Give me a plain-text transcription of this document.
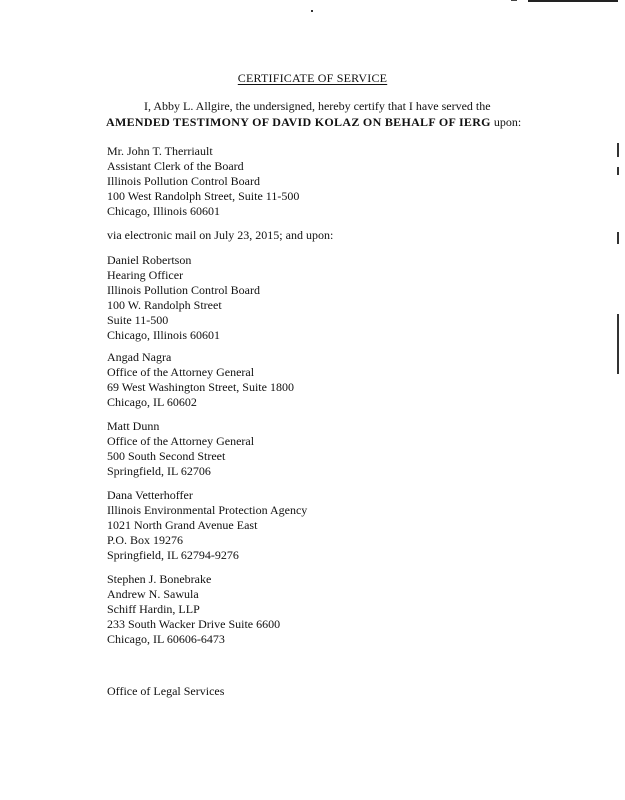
CERTIFICATE OF SERVICE
I, Abby L. Allgire, the undersigned, hereby certify that I have served the
AMENDED TESTIMONY OF DAVID KOLAZ ON BEHALF OF IERG upon:
Mr. John T. Therriault
Assistant Clerk of the Board
Illinois Pollution Control Board
100 West Randolph Street, Suite 11-500
Chicago, Illinois 60601
via electronic mail on July 23, 2015; and upon:
Daniel Robertson
Hearing Officer
Illinois Pollution Control Board
100 W. Randolph Street
Suite 11-500
Chicago, Illinois 60601
Angad Nagra
Office of the Attorney General
69 West Washington Street, Suite 1800
Chicago, IL 60602
Matt Dunn
Office of the Attorney General
500 South Second Street
Springfield, IL 62706
Dana Vetterhoffer
Illinois Environmental Protection Agency
1021 North Grand Avenue East
P.O. Box 19276
Springfield, IL 62794-9276
Stephen J. Bonebrake
Andrew N. Sawula
Schiff Hardin, LLP
233 South Wacker Drive Suite 6600
Chicago, IL 60606-6473
Office of Legal Services
